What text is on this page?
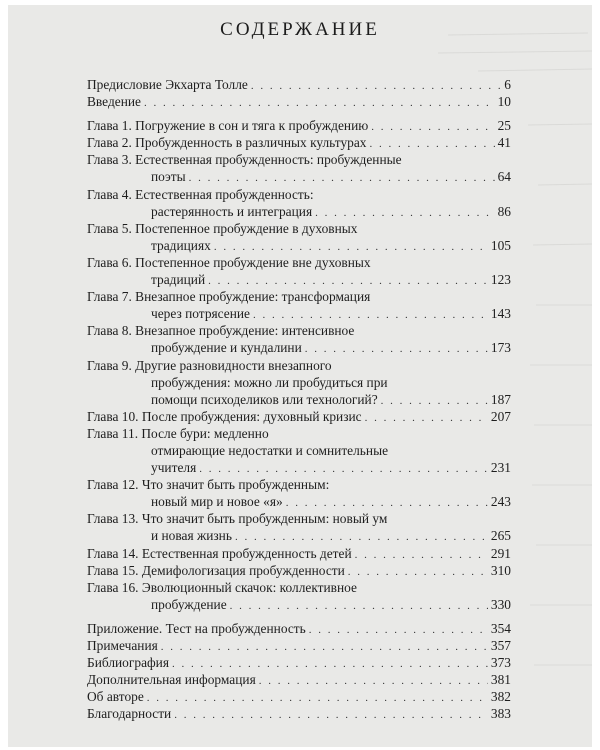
СОДЕРЖАНИЕ
Предисловие Экхарта Толле . . .	6
Введение . . .	10
Глава 1. Погружение в сон и тяга к пробуждению . . .	25
Глава 2. Пробужденность в различных культурах . . .	41
Глава 3. Естественная пробужденность: пробужденные
поэты . . .	64
Глава 4. Естественная пробужденность:
растерянность и интеграция . . .	86
Глава 5. Постепенное пробуждение в духовных
традициях . . .	105
Глава 6. Постепенное пробуждение вне духовных
традиций . . .	123
Глава 7. Внезапное пробуждение: трансформация
через потрясение . . .	143
Глава 8. Внезапное пробуждение: интенсивное
пробуждение и кундалини . . .	173
Глава 9. Другие разновидности внезапного
пробуждения: можно ли пробудиться при
помощи психоделиков или технологий? . . .	187
Глава 10. После пробуждения: духовный кризис . . .	207
Глава 11. После бури: медленно
отмирающие недостатки и сомнительные
учителя . . .	231
Глава 12. Что значит быть пробужденным:
новый мир и новое «я» . . .	243
Глава 13. Что значит быть пробужденным: новый ум
и новая жизнь . . .	265
Глава 14. Естественная пробужденность детей . . .	291
Глава 15. Демифологизация пробужденности . . .	310
Глава 16. Эволюционный скачок: коллективное
пробуждение . . .	330
Приложение. Тест на пробужденность . . .	354
Примечания . . .	357
Библиография . . .	373
Дополнительная информация . . .	381
Об авторе . . .	382
Благодарности . . .	383
